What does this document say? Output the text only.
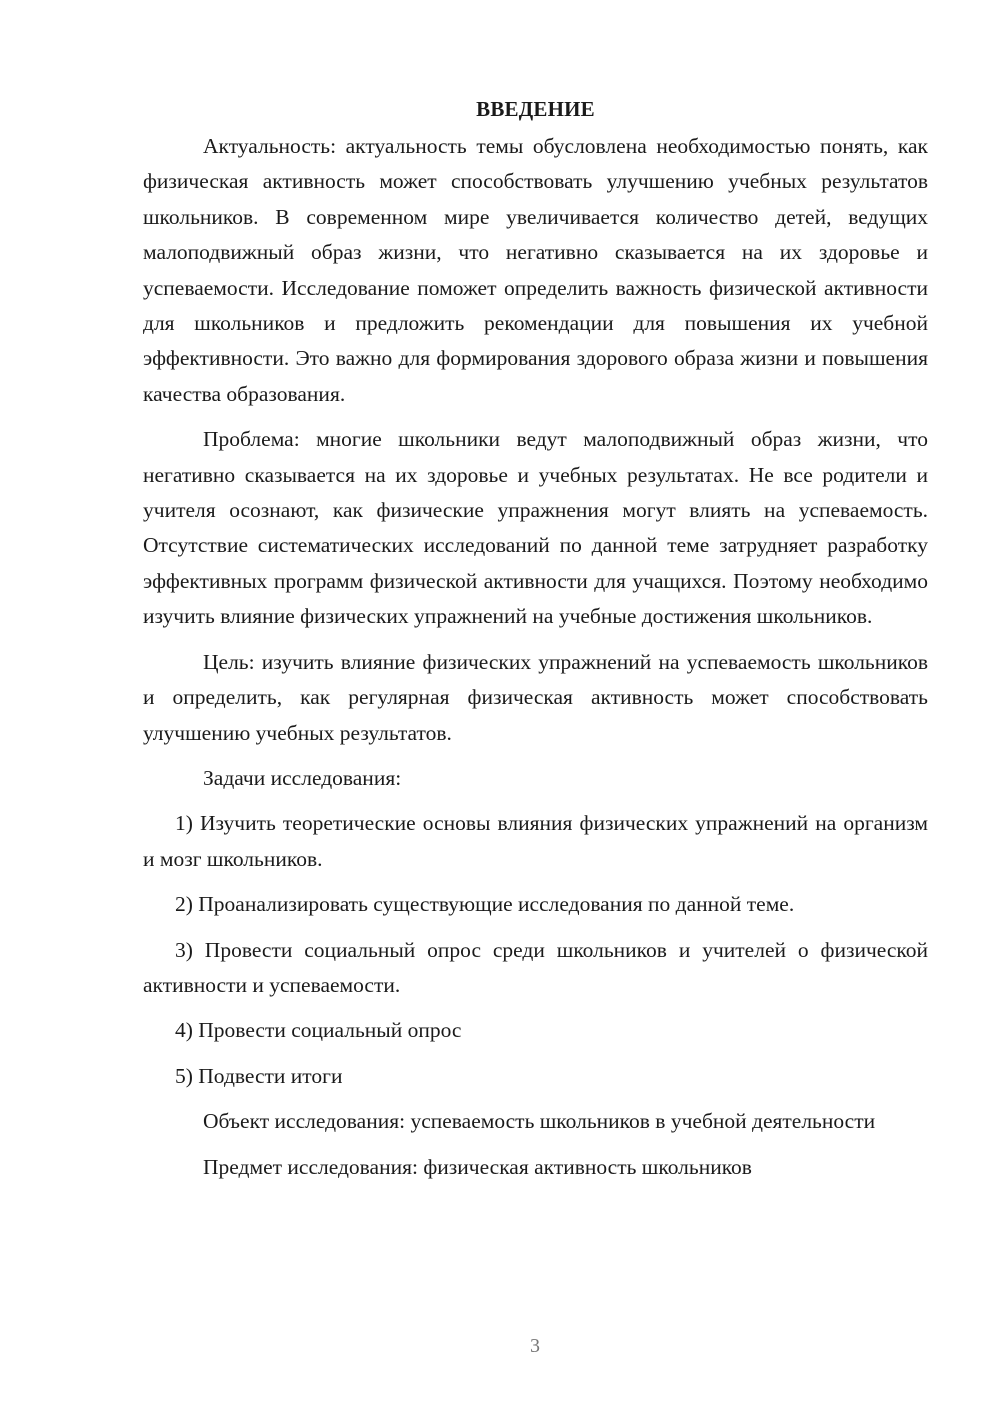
ВВЕДЕНИЕ

Актуальность: актуальность темы обусловлена необходимостью понять, как физическая активность может способствовать улучшению учебных результатов школьников. В современном мире увеличивается количество детей, ведущих малоподвижный образ жизни, что негативно сказывается на их здоровье и успеваемости. Исследование поможет определить важность физической активности для школьников и предложить рекомендации для повышения их учебной эффективности. Это важно для формирования здорового образа жизни и повышения качества образования.

Проблема: многие школьники ведут малоподвижный образ жизни, что негативно сказывается на их здоровье и учебных результатах. Не все родители и учителя осознают, как физические упражнения могут влиять на успеваемость. Отсутствие систематических исследований по данной теме затрудняет разработку эффективных программ физической активности для учащихся. Поэтому необходимо изучить влияние физических упражнений на учебные достижения школьников.

Цель: изучить влияние физических упражнений на успеваемость школьников и определить, как регулярная физическая активность может способствовать улучшению учебных результатов.

Задачи исследования:

1) Изучить теоретические основы влияния физических упражнений на организм и мозг школьников.

2) Проанализировать существующие исследования по данной теме.

3) Провести социальный опрос среди школьников и учителей о физической активности и успеваемости.

4) Провести социальный опрос

5) Подвести итоги

Объект исследования: успеваемость школьников в учебной деятельности

Предмет исследования: физическая активность школьников

3
